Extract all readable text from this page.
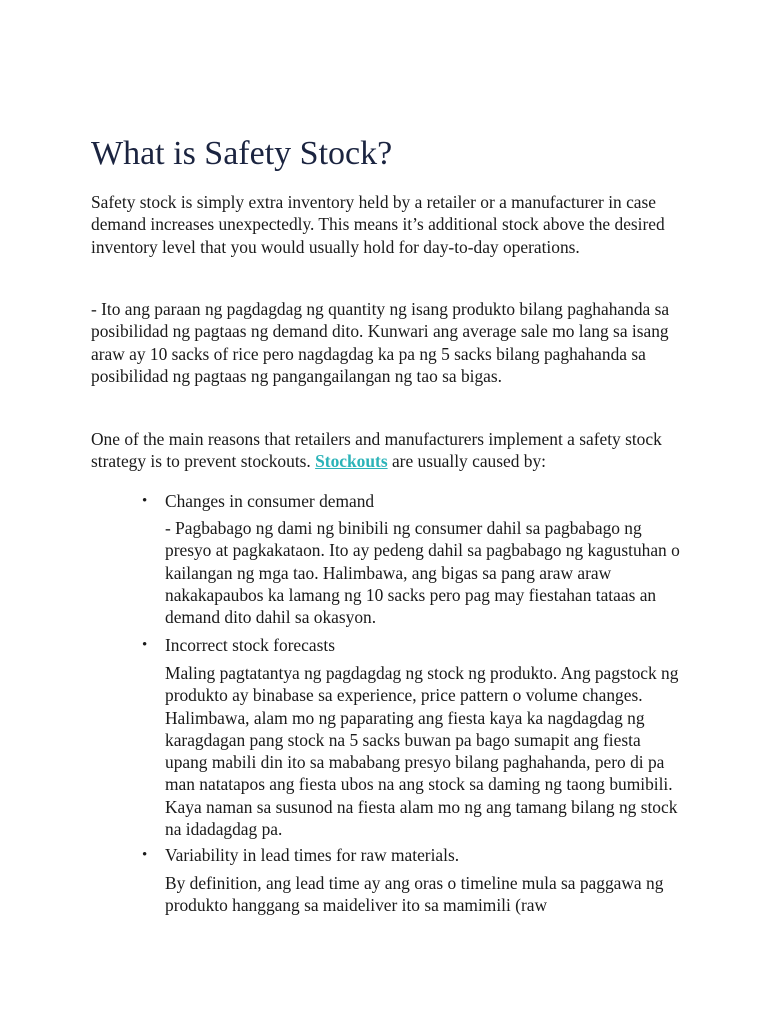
What is Safety Stock?

Safety stock is simply extra inventory held by a retailer or a manufacturer in case demand increases unexpectedly. This means it’s additional stock above the desired inventory level that you would usually hold for day-to-day operations.

- Ito ang paraan ng pagdagdag ng quantity ng isang produkto bilang paghahanda sa posibilidad ng pagtaas ng demand dito. Kunwari ang average sale mo lang sa isang araw ay 10 sacks of rice pero nagdagdag ka pa ng 5 sacks bilang paghahanda sa posibilidad ng pagtaas ng pangangailangan ng tao sa bigas.

One of the main reasons that retailers and manufacturers implement a safety stock strategy is to prevent stockouts. Stockouts are usually caused by:

• Changes in consumer demand

- Pagbabago ng dami ng binibili ng consumer dahil sa pagbabago ng presyo at pagkakataon. Ito ay pedeng dahil sa pagbabago ng kagustuhan o kailangan ng mga tao. Halimbawa, ang bigas sa pang araw araw nakakapaubos ka lamang ng 10 sacks pero pag may fiestahan tataas an demand dito dahil sa okasyon.

• Incorrect stock forecasts

Maling pagtatantya ng pagdagdag ng stock ng produkto. Ang pagstock ng produkto ay binabase sa experience, price pattern o volume changes. Halimbawa, alam mo ng paparating ang fiesta kaya ka nagdagdag ng karagdagan pang stock na 5 sacks buwan pa bago sumapit ang fiesta upang mabili din ito sa mababang presyo bilang paghahanda, pero di pa man natatapos ang fiesta ubos na ang stock sa daming ng taong bumibili. Kaya naman sa susunod na fiesta alam mo ng ang tamang bilang ng stock na idadagdag pa.

• Variability in lead times for raw materials.

By definition, ang lead time ay ang oras o timeline mula sa paggawa ng produkto hanggang sa maideliver ito sa mamimili (raw
